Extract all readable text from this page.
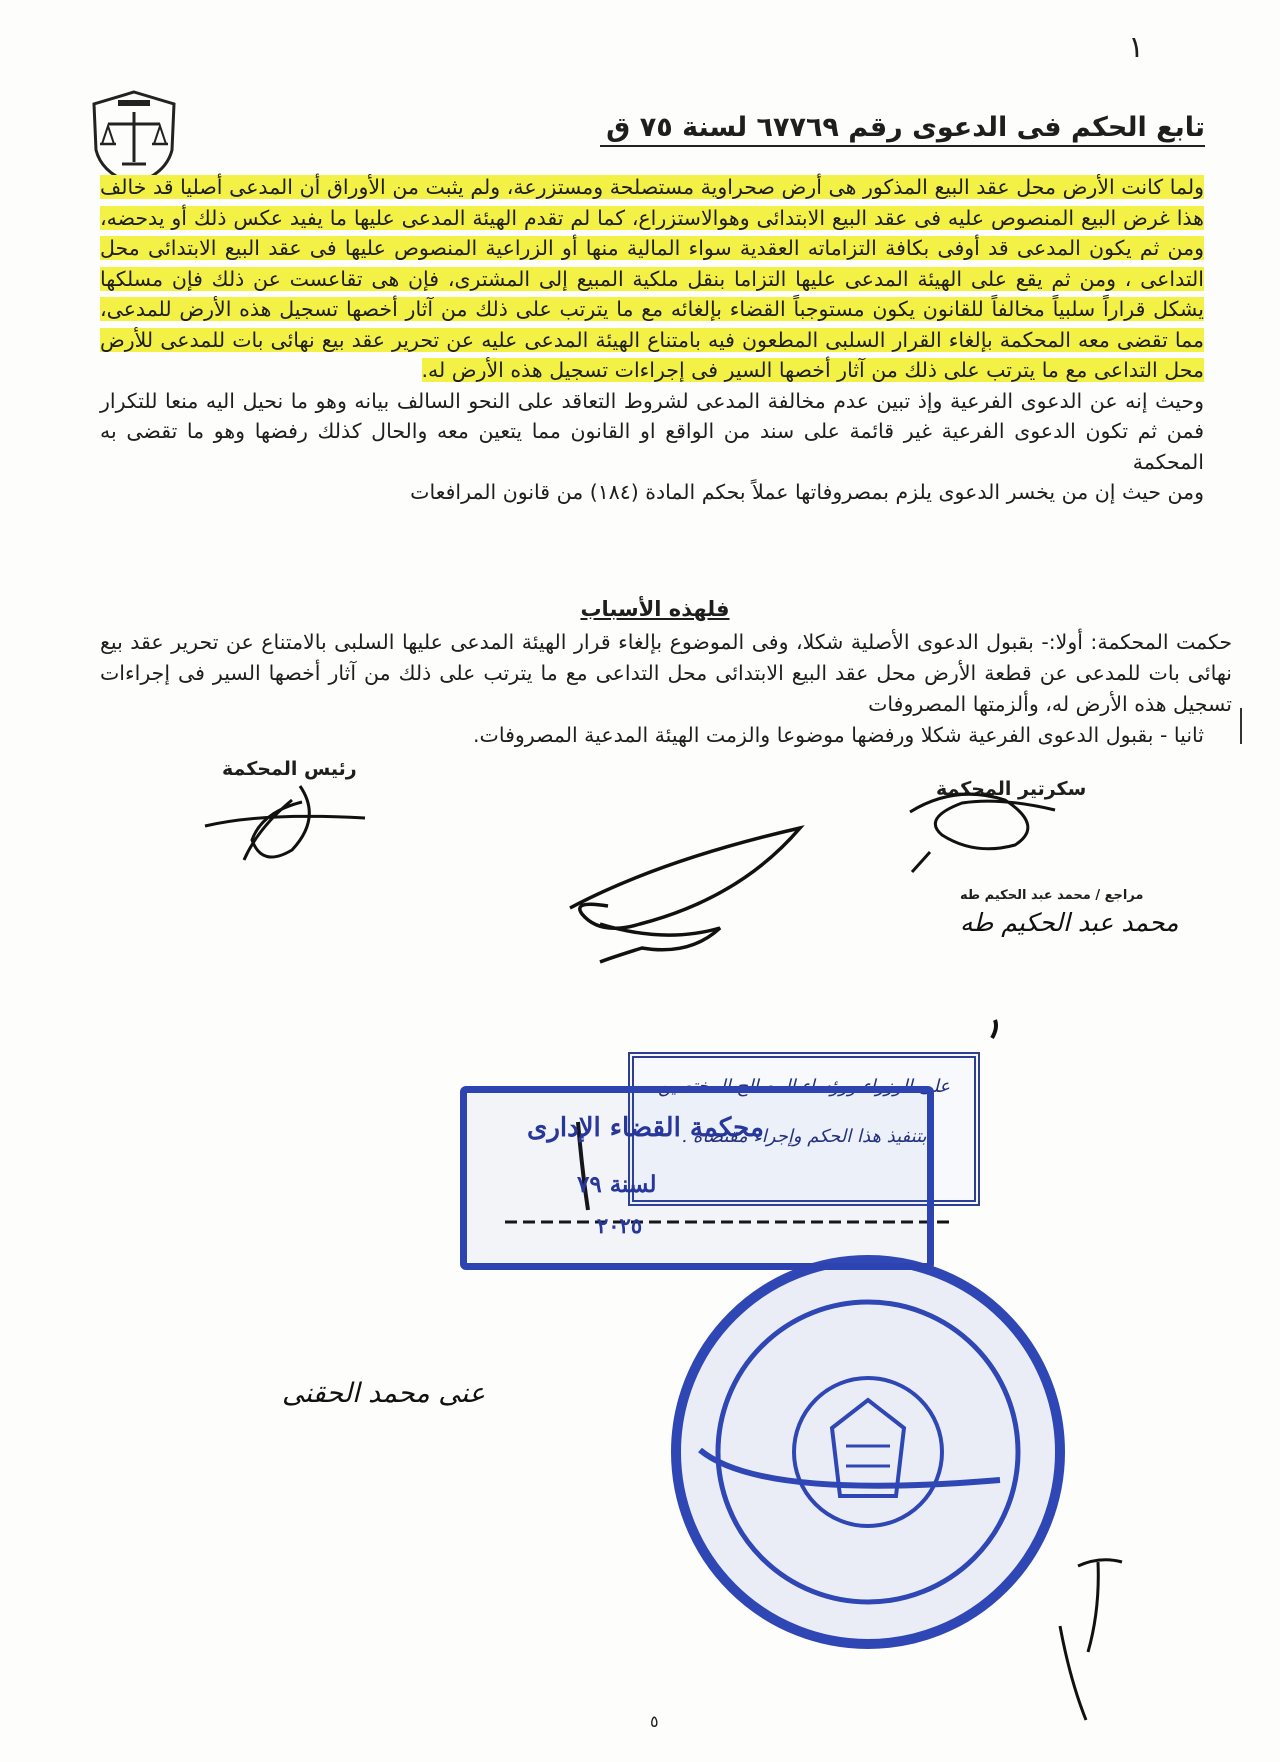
١
تابع الحكم فى الدعوى رقم ٦٧٧٦٩ لسنة ٧٥ ق

ولما كانت الأرض محل عقد البيع المذكور هى أرض صحراوية مستصلحة ومستزرعة، ولم يثبت من الأوراق أن المدعى أصليا قد خالف هذا غرض البيع المنصوص عليه فى عقد البيع الابتدائى وهوالاستزراع، كما لم تقدم الهيئة المدعى عليها ما يفيد عكس ذلك أو يدحضه، ومن ثم يكون المدعى قد أوفى بكافة التزاماته العقدية سواء المالية منها أو الزراعية المنصوص عليها فى عقد البيع الابتدائى محل التداعى ، ومن ثم يقع على الهيئة المدعى عليها التزاما بنقل ملكية المبيع إلى المشترى، فإن هى تقاعست عن ذلك فإن مسلكها يشكل قراراً سلبياً مخالفاً للقانون يكون مستوجباً القضاء بإلغائه مع ما يترتب على ذلك من آثار أخصها تسجيل هذه الأرض للمدعى، مما تقضى معه المحكمة بإلغاء القرار السلبى المطعون فيه بامتناع الهيئة المدعى عليه عن تحرير عقد بيع نهائى بات للمدعى للأرض محل التداعى مع ما يترتب على ذلك من آثار أخصها السير فى إجراءات تسجيل هذه الأرض له.

وحيث إنه عن الدعوى الفرعية وإذ تبين عدم مخالفة المدعى لشروط التعاقد على النحو السالف بيانه وهو ما نحيل اليه منعا للتكرار فمن ثم تكون الدعوى الفرعية غير قائمة على سند من الواقع او القانون مما يتعين معه والحال كذلك رفضها وهو ما تقضى به المحكمة

ومن حيث إن من يخسر الدعوى يلزم بمصروفاتها عملاً بحكم المادة (١٨٤) من قانون المرافعات

فلهذه الأسباب

حكمت المحكمة: أولا:- بقبول الدعوى الأصلية شكلا، وفى الموضوع بإلغاء قرار الهيئة المدعى عليها السلبى بالامتناع عن تحرير عقد بيع نهائى بات للمدعى عن قطعة الأرض محل عقد البيع الابتدائى محل التداعى مع ما يترتب على ذلك من آثار أخصها السير فى إجراءات تسجيل هذه الأرض له، وألزمتها المصروفات

ثانيا - بقبول الدعوى الفرعية شكلا ورفضها موضوعا والزمت الهيئة المدعية المصروفات.

رئيس المحكمة
سكرتير المحكمة
مراجع / محمد عبد الحكيم طه
محمد عبد الحكيم طه
على الوزراء ورؤساء المصالح المختصين
بتنفيذ هذا الحكم وإجراء مقتضاه .
محكمة القضاء الإدارى
لسنة ٧٩
٢٠٢٥
عنى محمد الحقنى
٥
